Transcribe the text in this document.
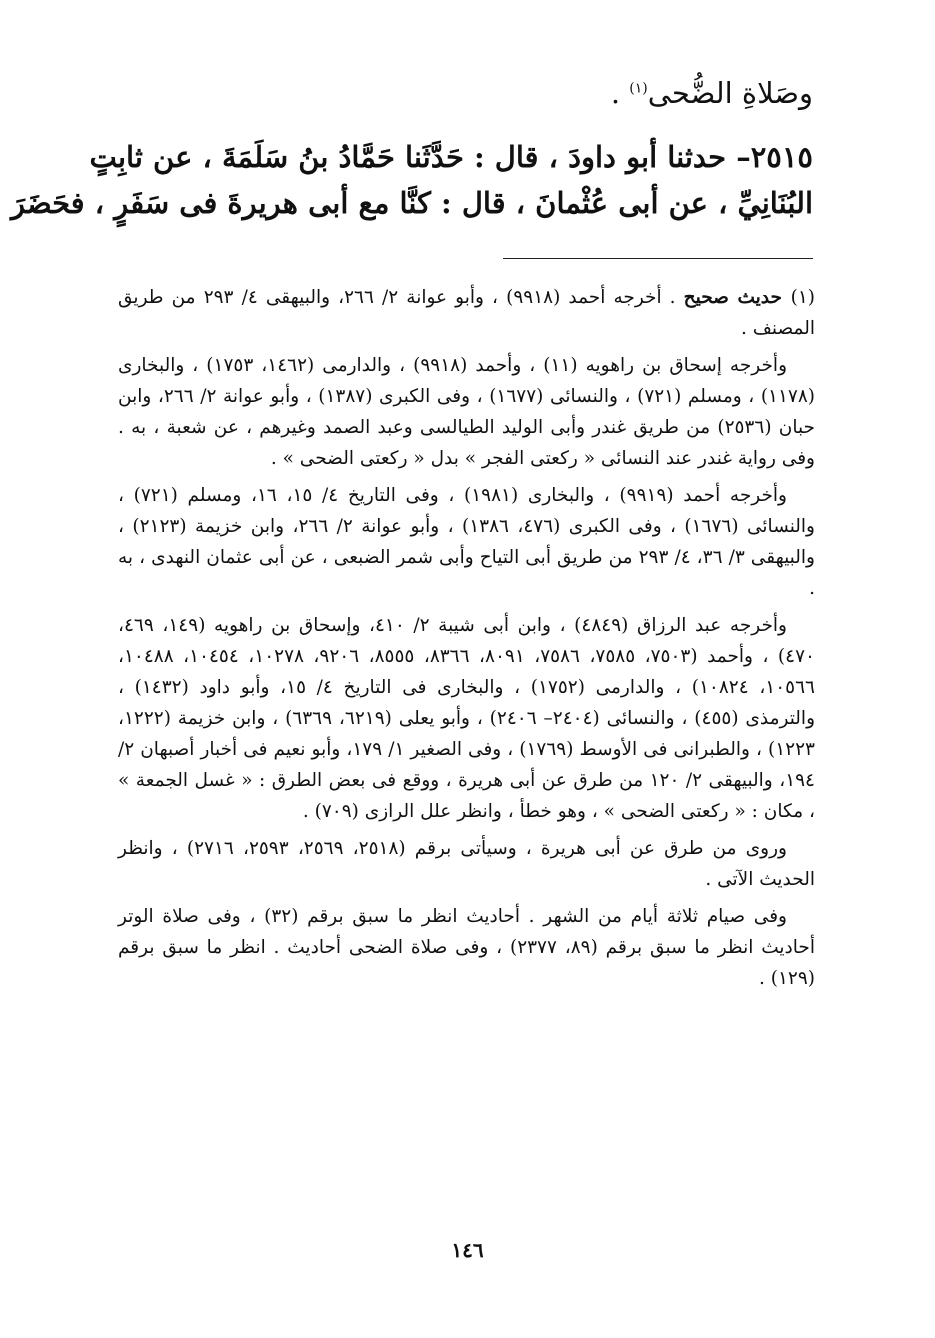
وصَلاةِ الضُّحى$^{(١)}$ .
٢٥١٥– حدثنا أبو داودَ ، قال : حَدَّثَنا حَمَّادُ بنُ سَلَمَةَ ، عن ثابِتٍ
البُنَانِيِّ ، عن أبى عُثْمانَ ، قال : كنَّا مع أبى هريرةَ فى سَفَرٍ ، فحَضَرَ

(١) حديث صحيح . أخرجه أحمد (٩٩١٨) ، وأبو عوانة ٢/ ٢٦٦، والبيهقى ٤/ ٢٩٣ من طريق المصنف .

وأخرجه إسحاق بن راهويه (١١) ، وأحمد (٩٩١٨) ، والدارمى (١٤٦٢، ١٧٥٣) ، والبخارى (١١٧٨) ، ومسلم (٧٢١) ، والنسائى (١٦٧٧) ، وفى الكبرى (١٣٨٧) ، وأبو عوانة ٢/ ٢٦٦، وابن حبان (٢٥٣٦) من طريق غندر وأبى الوليد الطيالسى وعبد الصمد وغيرهم ، عن شعبة ، به . وفى رواية غندر عند النسائى « ركعتى الفجر » بدل « ركعتى الضحى » .

وأخرجه أحمد (٩٩١٩) ، والبخارى (١٩٨١) ، وفى التاريخ ٤/ ١٥، ١٦، ومسلم (٧٢١) ، والنسائى (١٦٧٦) ، وفى الكبرى (٤٧٦، ١٣٨٦) ، وأبو عوانة ٢/ ٢٦٦، وابن خزيمة (٢١٢٣) ، والبيهقى ٣/ ٣٦، ٤/ ٢٩٣ من طريق أبى التياح وأبى شمر الضبعى ، عن أبى عثمان النهدى ، به .

وأخرجه عبد الرزاق (٤٨٤٩) ، وابن أبى شيبة ٢/ ٤١٠، وإسحاق بن راهويه (١٤٩، ٤٦٩، ٤٧٠) ، وأحمد (٧٥٠٣، ٧٥٨٥، ٧٥٨٦، ٨٠٩١، ٨٣٦٦، ٨٥٥٥، ٩٢٠٦، ١٠٢٧٨، ١٠٤٥٤، ١٠٤٨٨، ١٠٥٦٦، ١٠٨٢٤) ، والدارمى (١٧٥٢) ، والبخارى فى التاريخ ٤/ ١٥، وأبو داود (١٤٣٢) ، والترمذى (٤٥٥) ، والنسائى (٢٤٠٤– ٢٤٠٦) ، وأبو يعلى (٦٢١٩، ٦٣٦٩) ، وابن خزيمة (١٢٢٢، ١٢٢٣) ، والطبرانى فى الأوسط (١٧٦٩) ، وفى الصغير ١/ ١٧٩، وأبو نعيم فى أخبار أصبهان ٢/ ١٩٤، والبيهقى ٢/ ١٢٠ من طرق عن أبى هريرة ، ووقع فى بعض الطرق : « غسل الجمعة » ، مكان : « ركعتى الضحى » ، وهو خطأ ، وانظر علل الرازى (٧٠٩) .

وروى من طرق عن أبى هريرة ، وسيأتى برقم (٢٥١٨، ٢٥٦٩، ٢٥٩٣، ٢٧١٦) ، وانظر الحديث الآتى .

وفى صيام ثلاثة أيام من الشهر . أحاديث انظر ما سبق برقم (٣٢) ، وفى صلاة الوتر أحاديث انظر ما سبق برقم (٨٩، ٢٣٧٧) ، وفى صلاة الضحى أحاديث . انظر ما سبق برقم (١٢٩) .

١٤٦
